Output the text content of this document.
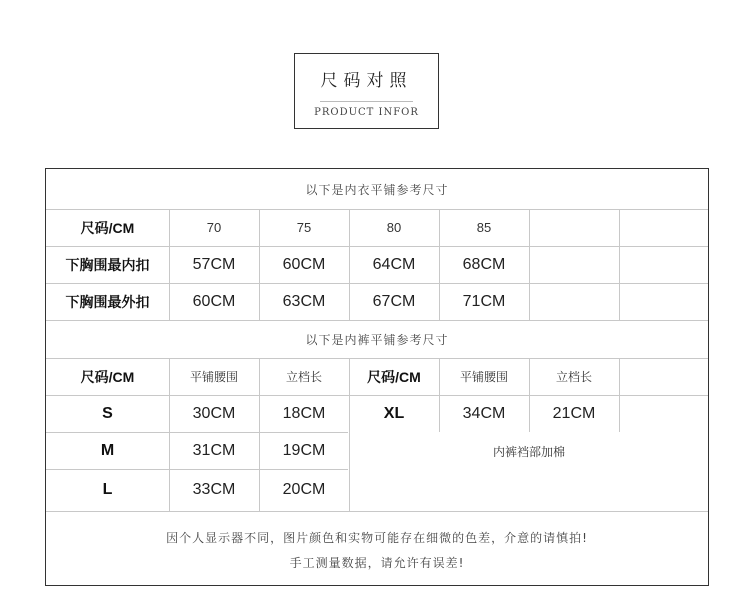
尺码对照
PRODUCT INFOR
以下是内衣平铺参考尺寸
尺码/CM	70	75	80	85
下胸围最内扣	57CM	60CM	64CM	68CM
下胸围最外扣	60CM	63CM	67CM	71CM
以下是内裤平铺参考尺寸
尺码/CM	平铺腰围	立档长	尺码/CM	平铺腰围	立档长
S	30CM	18CM	XL	34CM	21CM
M	31CM	19CM
L	33CM	20CM
内裤裆部加棉
因个人显示器不同，图片颜色和实物可能存在细微的色差，介意的请慎拍!
手工测量数据，请允许有误差!
